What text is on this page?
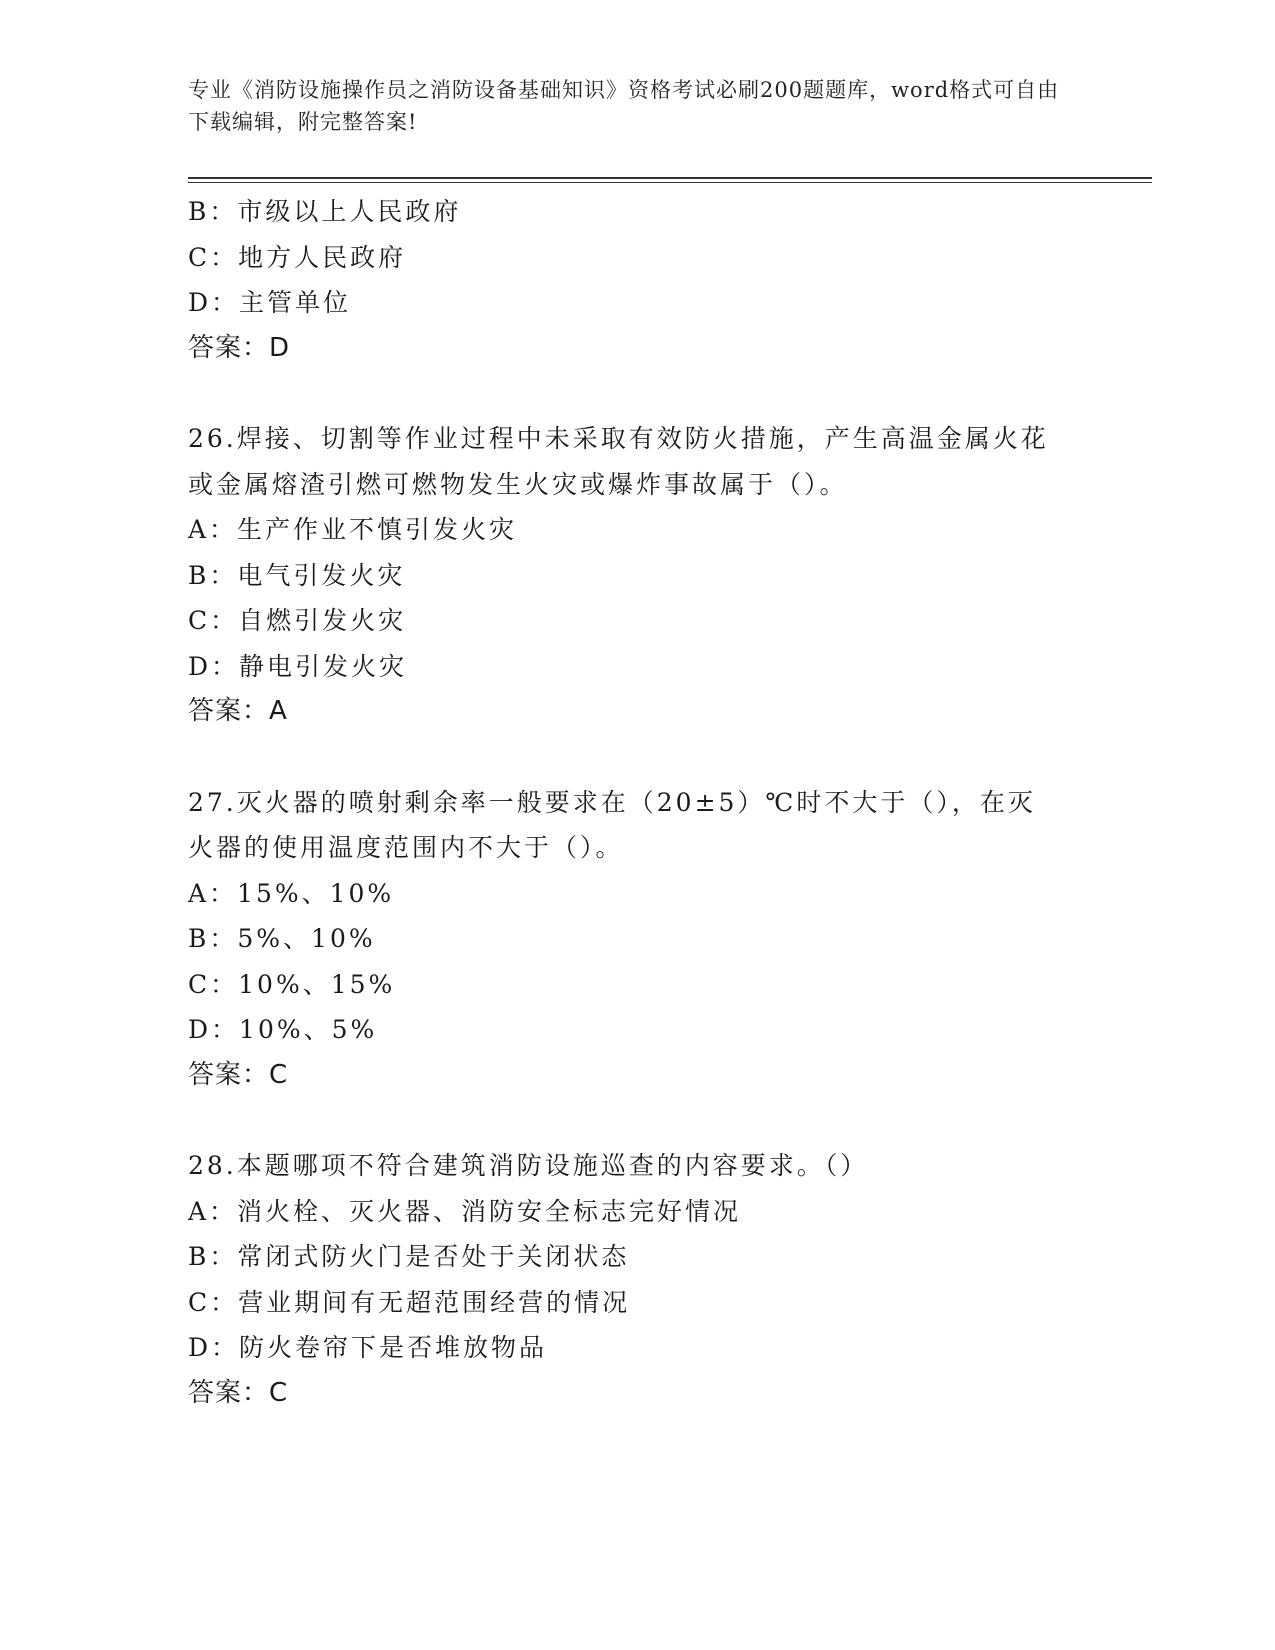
专业《消防设施操作员之消防设备基础知识》资格考试必刷200题题库，word格式可自由下载编辑，附完整答案!
B：市级以上人民政府
C：地方人民政府
D：主管单位
答案：D
26.焊接、切割等作业过程中未采取有效防火措施，产生高温金属火花
或金属熔渣引燃可燃物发生火灾或爆炸事故属于（）。
A：生产作业不慎引发火灾
B：电气引发火灾
C：自燃引发火灾
D：静电引发火灾
答案：A
27.灭火器的喷射剩余率一般要求在（20±5）℃时不大于（），在灭
火器的使用温度范围内不大于（）。
A：15%、10%
B：5%、10%
C：10%、15%
D：10%、5%
答案：C
28.本题哪项不符合建筑消防设施巡查的内容要求。（）
A：消火栓、灭火器、消防安全标志完好情况
B：常闭式防火门是否处于关闭状态
C：营业期间有无超范围经营的情况
D：防火卷帘下是否堆放物品
答案：C
